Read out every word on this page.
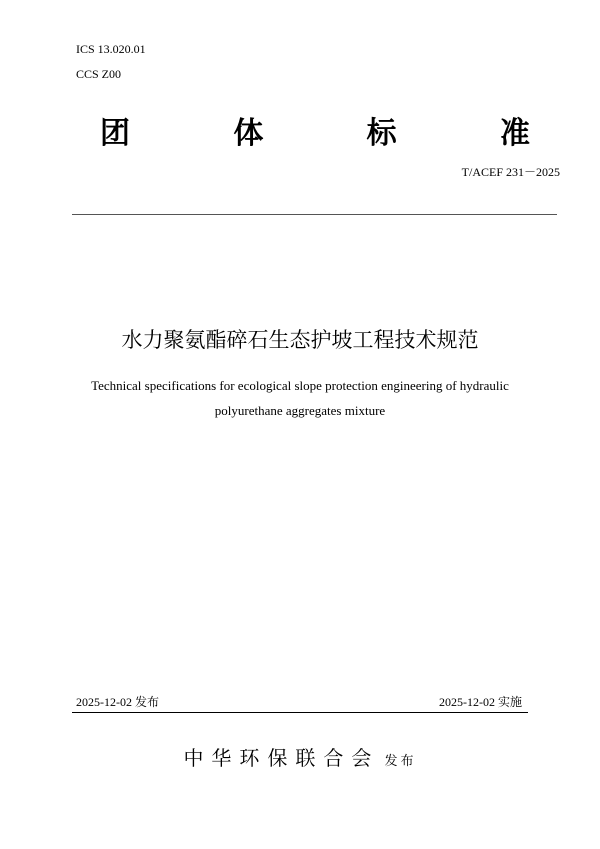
ICS 13.020.01
CCS Z00
团	体	标	准
T/ACEF 231－2025
水力聚氨酯碎石生态护坡工程技术规范
Technical specifications for ecological slope protection engineering of hydraulic
polyurethane aggregates mixture
2025-12-02 发布	2025-12-02 实施
中华环保联合会 发布
